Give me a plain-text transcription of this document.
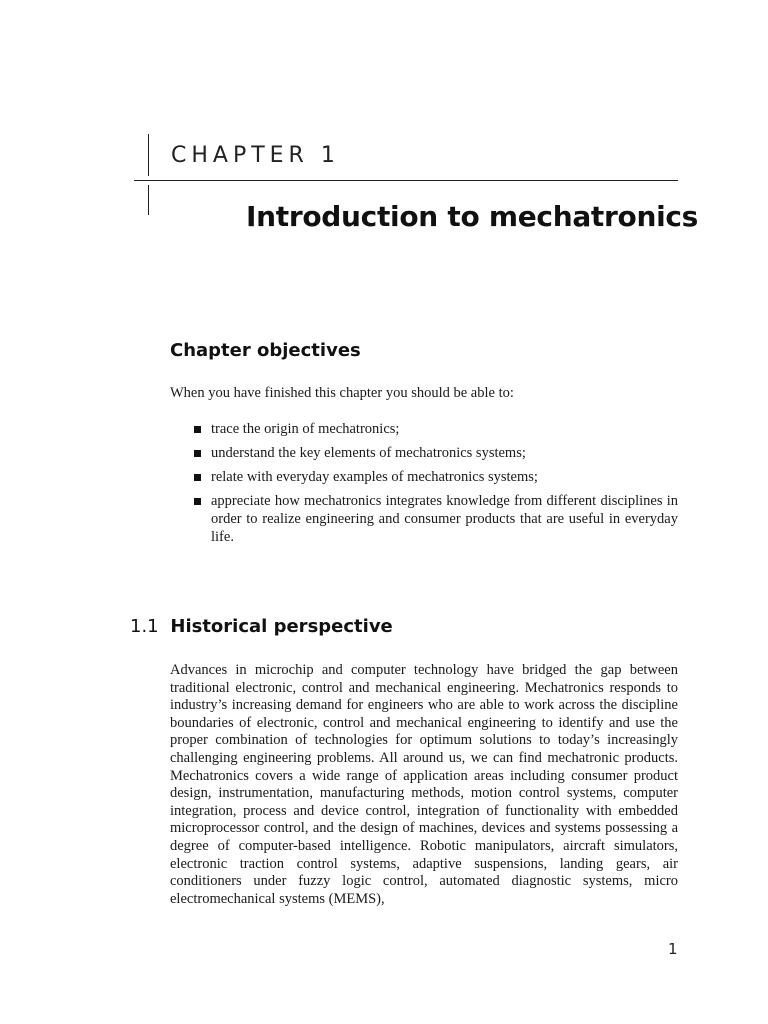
CHAPTER 1
Introduction to mechatronics
Chapter objectives
When you have finished this chapter you should be able to:
trace the origin of mechatronics;
understand the key elements of mechatronics systems;
relate with everyday examples of mechatronics systems;
appreciate how mechatronics integrates knowledge from different disciplines in order to realize engineering and consumer products that are useful in everyday life.
1.1 Historical perspective
Advances in microchip and computer technology have bridged the gap between traditional electronic, control and mechanical engineering. Mechatronics responds to industry’s increasing demand for engineers who are able to work across the discipline boundaries of electronic, control and mechanical engineering to identify and use the proper combination of technologies for optimum solutions to today’s increasingly challenging engineering problems. All around us, we can find mechatronic products. Mechatronics covers a wide range of application areas including consumer product design, instrumentation, manufacturing methods, motion control systems, computer integration, process and device control, integration of functionality with embedded microprocessor control, and the design of machines, devices and systems possessing a degree of computer-based intelligence. Robotic manipulators, aircraft simulators, electronic traction control systems, adaptive suspensions, landing gears, air conditioners under fuzzy logic control, automated diagnostic systems, micro electromechanical systems (MEMS),
1
